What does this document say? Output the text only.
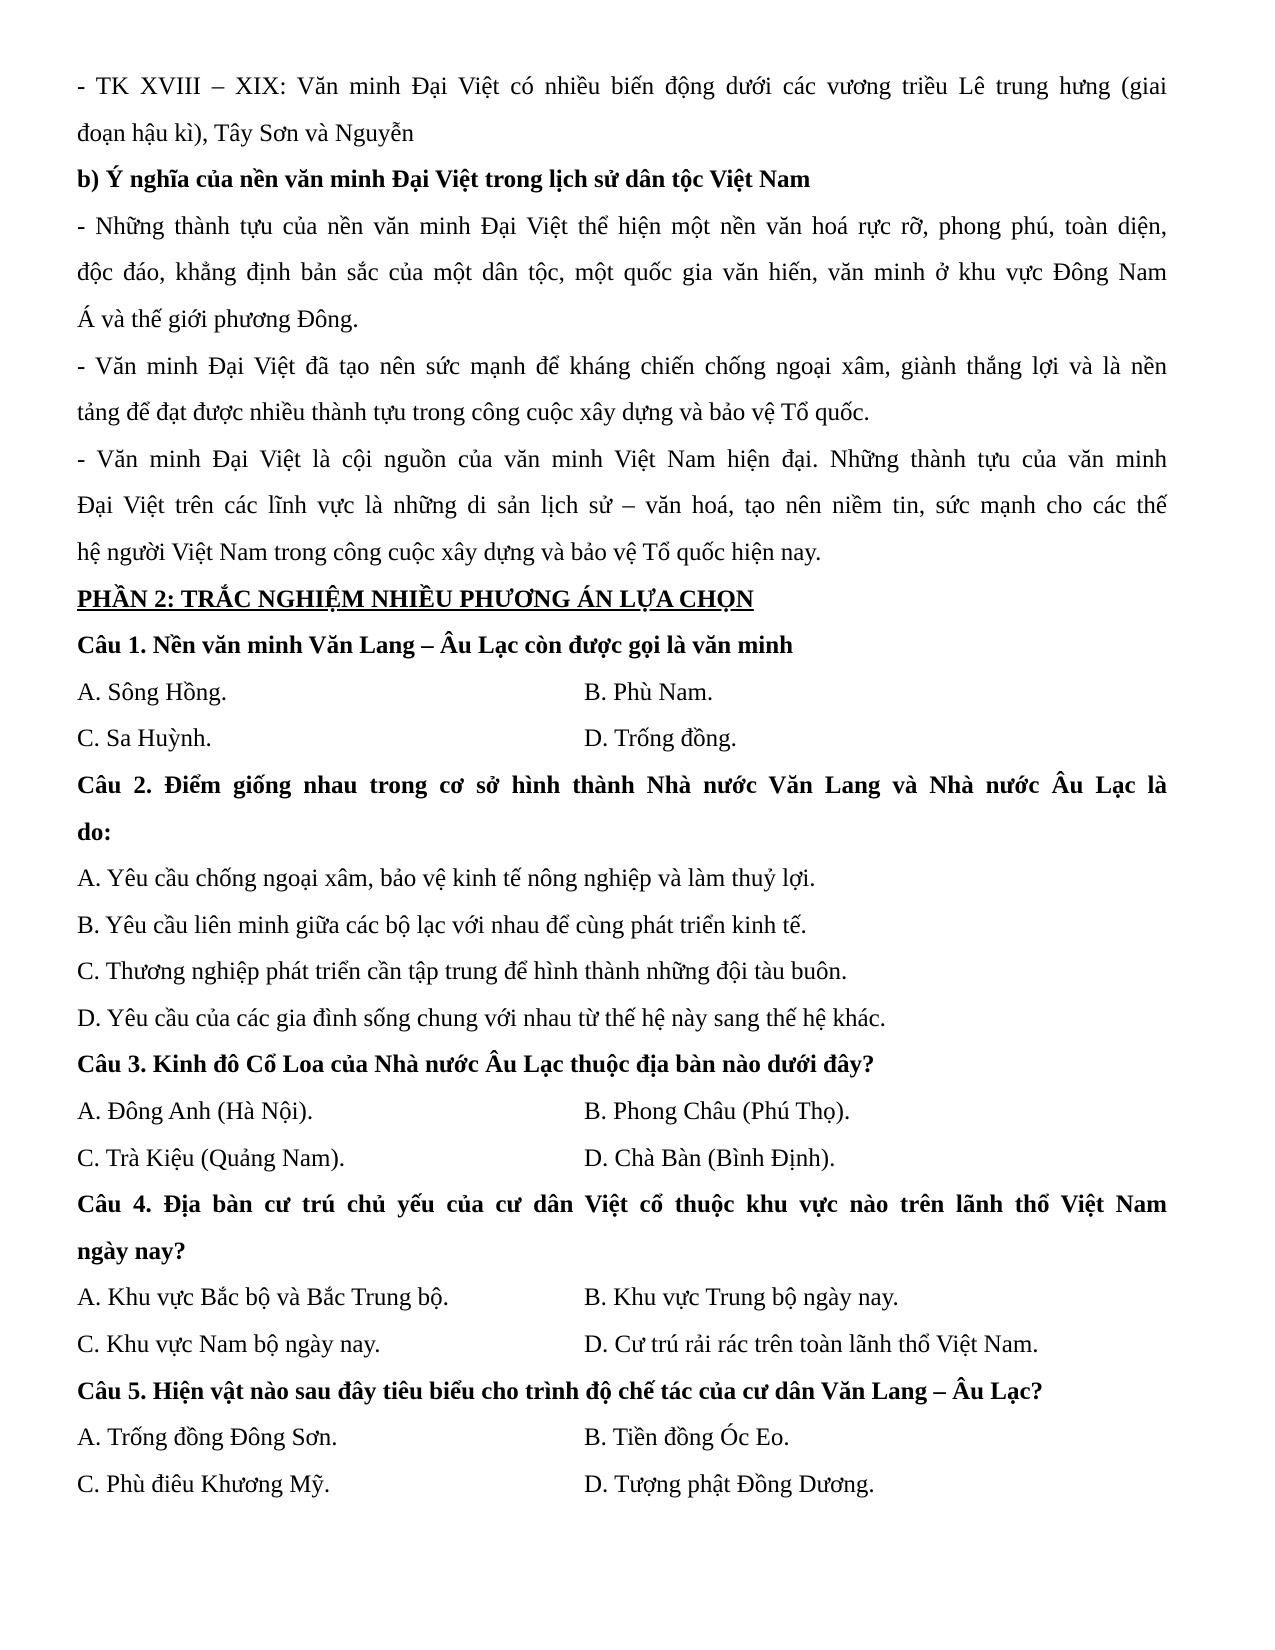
- TK XVIII – XIX: Văn minh Đại Việt có nhiều biến động dưới các vương triều Lê trung hưng (giai
đoạn hậu kì), Tây Sơn và Nguyễn
b) Ý nghĩa của nền văn minh Đại Việt trong lịch sử dân tộc Việt Nam
- Những thành tựu của nền văn minh Đại Việt thể hiện một nền văn hoá rực rỡ, phong phú, toàn diện,
độc đáo, khẳng định bản sắc của một dân tộc, một quốc gia văn hiến, văn minh ở khu vực Đông Nam
Á và thế giới phương Đông.
- Văn minh Đại Việt đã tạo nên sức mạnh để kháng chiến chống ngoại xâm, giành thắng lợi và là nền
tảng để đạt được nhiều thành tựu trong công cuộc xây dựng và bảo vệ Tổ quốc.
- Văn minh Đại Việt là cội nguồn của văn minh Việt Nam hiện đại. Những thành tựu của văn minh
Đại Việt trên các lĩnh vực là những di sản lịch sử – văn hoá, tạo nên niềm tin, sức mạnh cho các thế
hệ người Việt Nam trong công cuộc xây dựng và bảo vệ Tổ quốc hiện nay.
PHẦN 2: TRẮC NGHIỆM NHIỀU PHƯƠNG ÁN LỰA CHỌN
Câu 1. Nền văn minh Văn Lang – Âu Lạc còn được gọi là văn minh
A. Sông Hồng.	B. Phù Nam.
C. Sa Huỳnh.	D. Trống đồng.
Câu 2. Điểm giống nhau trong cơ sở hình thành Nhà nước Văn Lang và Nhà nước Âu Lạc là
do:
A. Yêu cầu chống ngoại xâm, bảo vệ kinh tế nông nghiệp và làm thuỷ lợi.
B. Yêu cầu liên minh giữa các bộ lạc với nhau để cùng phát triển kinh tế.
C. Thương nghiệp phát triển cần tập trung để hình thành những đội tàu buôn.
D. Yêu cầu của các gia đình sống chung với nhau từ thế hệ này sang thế hệ khác.
Câu 3. Kinh đô Cổ Loa của Nhà nước Âu Lạc thuộc địa bàn nào dưới đây?
A. Đông Anh (Hà Nội).	B. Phong Châu (Phú Thọ).
C. Trà Kiệu (Quảng Nam).	D. Chà Bàn (Bình Định).
Câu 4. Địa bàn cư trú chủ yếu của cư dân Việt cổ thuộc khu vực nào trên lãnh thổ Việt Nam
ngày nay?
A. Khu vực Bắc bộ và Bắc Trung bộ.	B. Khu vực Trung bộ ngày nay.
C. Khu vực Nam bộ ngày nay.	D. Cư trú rải rác trên toàn lãnh thổ Việt Nam.
Câu 5. Hiện vật nào sau đây tiêu biểu cho trình độ chế tác của cư dân Văn Lang – Âu Lạc?
A. Trống đồng Đông Sơn.	B. Tiền đồng Óc Eo.
C. Phù điêu Khương Mỹ.	D. Tượng phật Đồng Dương.
